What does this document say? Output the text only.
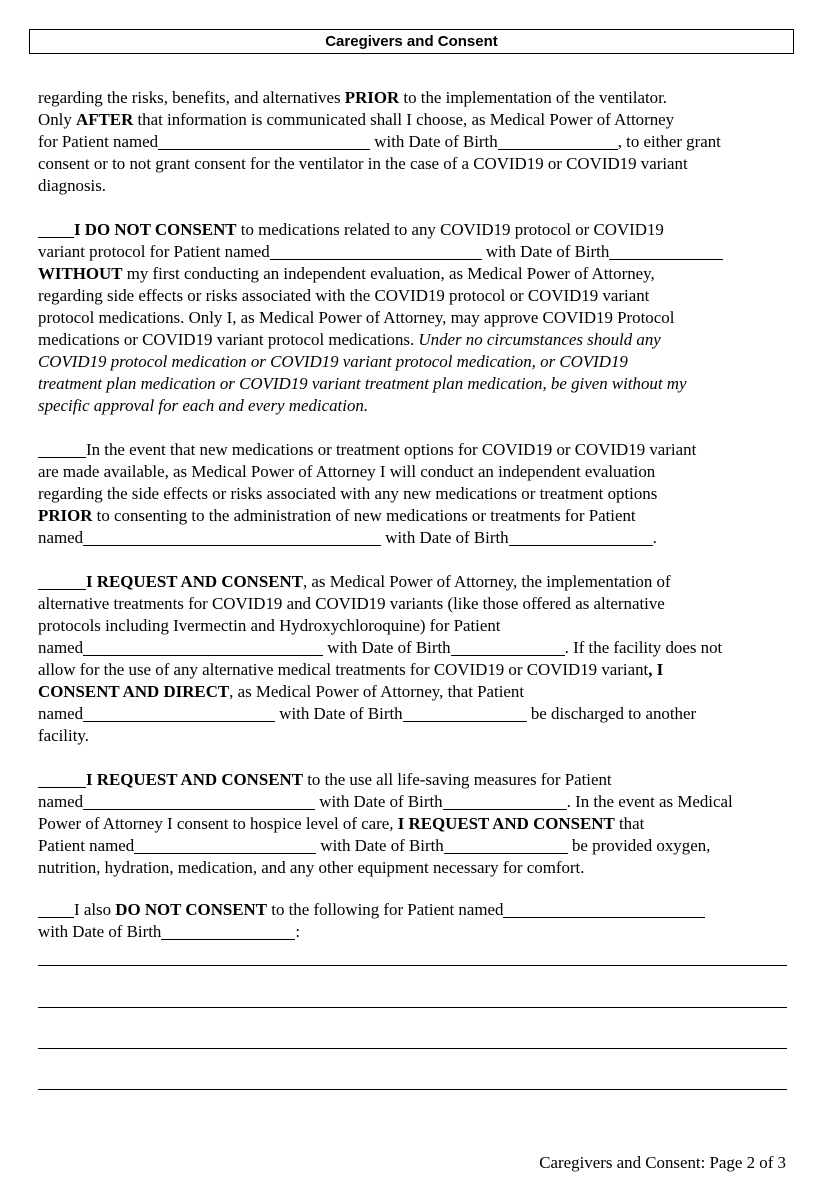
Caregivers and Consent

regarding the risks, benefits, and alternatives PRIOR to the implementation of the ventilator.
Only AFTER that information is communicated shall I choose, as Medical Power of Attorney
for Patient named	with Date of Birth	, to either grant
consent or to not grant consent for the ventilator in the case of a COVID19 or COVID19 variant
diagnosis.

I DO NOT CONSENT to medications related to any COVID19 protocol or COVID19
variant protocol for Patient named	with Date of Birth
WITHOUT my first conducting an independent evaluation, as Medical Power of Attorney,
regarding side effects or risks associated with the COVID19 protocol or COVID19 variant
protocol medications. Only I, as Medical Power of Attorney, may approve COVID19 Protocol
medications or COVID19 variant protocol medications. Under no circumstances should any
COVID19 protocol medication or COVID19 variant protocol medication, or COVID19
treatment plan medication or COVID19 variant treatment plan medication, be given without my
specific approval for each and every medication.

In the event that new medications or treatment options for COVID19 or COVID19 variant
are made available, as Medical Power of Attorney I will conduct an independent evaluation
regarding the side effects or risks associated with any new medications or treatment options
PRIOR to consenting to the administration of new medications or treatments for Patient
named	with Date of Birth	.

I REQUEST AND CONSENT, as Medical Power of Attorney, the implementation of
alternative treatments for COVID19 and COVID19 variants (like those offered as alternative
protocols including Ivermectin and Hydroxychloroquine) for Patient
named	with Date of Birth	. If the facility does not
allow for the use of any alternative medical treatments for COVID19 or COVID19 variant, I
CONSENT AND DIRECT, as Medical Power of Attorney, that Patient
named	with Date of Birth	be discharged to another
facility.

I REQUEST AND CONSENT to the use all life-saving measures for Patient
named	with Date of Birth	. In the event as Medical
Power of Attorney I consent to hospice level of care, I REQUEST AND CONSENT that
Patient named	with Date of Birth	be provided oxygen,
nutrition, hydration, medication, and any other equipment necessary for comfort.

I also DO NOT CONSENT to the following for Patient named
with Date of Birth	:

Caregivers and Consent: Page 2 of 3
